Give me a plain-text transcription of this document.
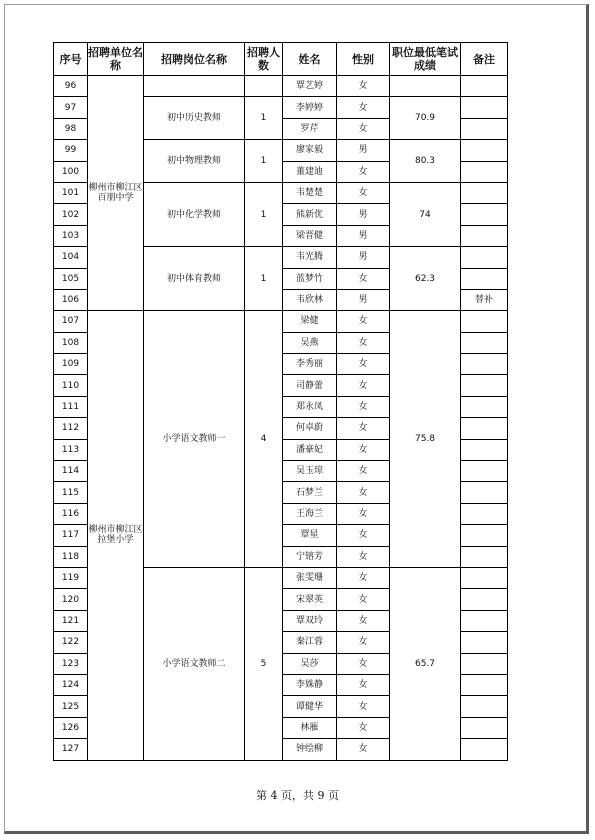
序号	招聘单位名称	招聘岗位名称	招聘人数	姓名	性别	职位最低笔试成绩	备注
96	柳州市柳江区百朋中学			覃艺婷	女		
97		初中历史教师	1	李婷婷	女	70.9	
98				罗芹	女		
99		初中物理教师	1	廖家毅	男	80.3	
100				董建迪	女		
101		初中化学教师	1	韦楚楚	女	74	
102				熊新优	男		
103				梁晋健	男		
104		初中体育教师	1	韦光腾	男	62.3	
105				蓝梦竹	女		
106				韦欣林	男		替补
107	柳州市柳江区拉堡小学	小学语文教师一	4	梁健	女	75.8	
108				吴燕	女		
109				李秀丽	女		
110				司静蕾	女		
111				郑永凤	女		
112				何卓蔚	女		
113				潘豪妃	女		
114				吴玉琼	女		
115				石梦兰	女		
116				王海兰	女		
117				覃星	女		
118				宁镕芳	女		
119		小学语文教师二	5	张雯珊	女	65.7	
120				宋翠英	女		
121				覃双玲	女		
122				秦江蓉	女		
123				吴莎	女		
124				李姝静	女		
125				谭健华	女		
126				林雁	女		
127				钟绘柳	女		
第 4 页，共 9 页
